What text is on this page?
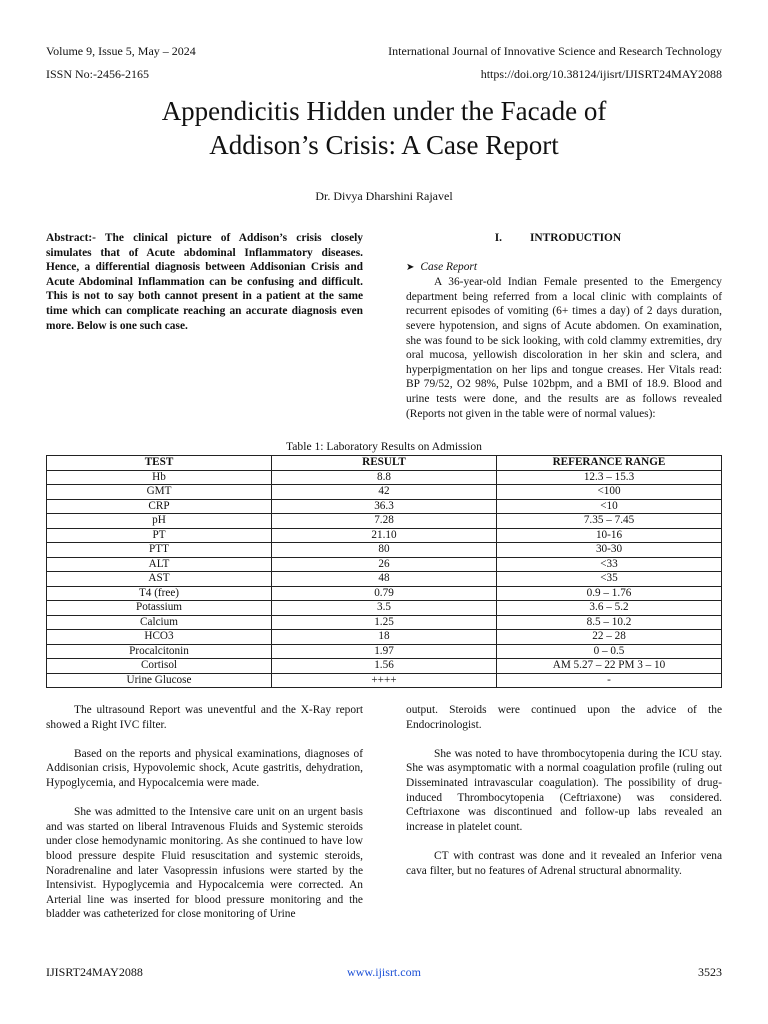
Volume 9, Issue 5, May – 2024	International Journal of Innovative Science and Research Technology
ISSN No:-2456-2165	https://doi.org/10.38124/ijisrt/IJISRT24MAY2088
Appendicitis Hidden under the Facade of
Addison’s Crisis: A Case Report
Dr. Divya Dharshini Rajavel

Abstract:- The clinical picture of Addison’s crisis closely simulates that of Acute abdominal Inflammatory diseases. Hence, a differential diagnosis between Addisonian Crisis and Acute Abdominal Inflammation can be confusing and difficult. This is not to say both cannot present in a patient at the same time which can complicate reaching an accurate diagnosis even more. Below is one such case.

I.	INTRODUCTION
➤ Case Report

A 36-year-old Indian Female presented to the Emergency department being referred from a local clinic with complaints of recurrent episodes of vomiting (6+ times a day) of 2 days duration, severe hypotension, and signs of Acute abdomen. On examination, she was found to be sick looking, with cold clammy extremities, dry oral mucosa, yellowish discoloration in her skin and sclera, and hyperpigmentation on her lips and tongue creases. Her Vitals read: BP 79/52, O2 98%, Pulse 102bpm, and a BMI of 18.9. Blood and urine tests were done, and the results are as follows revealed (Reports not given in the table were of normal values):

Table 1: Laboratory Results on Admission
TEST	RESULT	REFERANCE RANGE
Hb	8.8	12.3 – 15.3
GMT	42	<100
CRP	36.3	<10
pH	7.28	7.35 – 7.45
PT	21.10	10-16
PTT	80	30-30
ALT	26	<33
AST	48	<35
T4 (free)	0.79	0.9 – 1.76
Potassium	3.5	3.6 – 5.2
Calcium	1.25	8.5 – 10.2
HCO3	18	22 – 28
Procalcitonin	1.97	0 – 0.5
Cortisol	1.56	AM 5.27 – 22 PM 3 – 10
Urine Glucose	++++	-

The ultrasound Report was uneventful and the X-Ray report showed a Right IVC filter.

Based on the reports and physical examinations, diagnoses of Addisonian crisis, Hypovolemic shock, Acute gastritis, dehydration, Hypoglycemia, and Hypocalcemia were made.

She was admitted to the Intensive care unit on an urgent basis and was started on liberal Intravenous Fluids and Systemic steroids under close hemodynamic monitoring. As she continued to have low blood pressure despite Fluid resuscitation and systemic steroids, Noradrenaline and later Vasopressin infusions were started by the Intensivist. Hypoglycemia and Hypocalcemia were corrected. An Arterial line was inserted for blood pressure monitoring and the bladder was catheterized for close monitoring of Urine

output. Steroids were continued upon the advice of the Endocrinologist.

She was noted to have thrombocytopenia during the ICU stay. She was asymptomatic with a normal coagulation profile (ruling out Disseminated intravascular coagulation). The possibility of drug-induced Thrombocytopenia (Ceftriaxone) was considered. Ceftriaxone was discontinued and follow-up labs revealed an increase in platelet count.

CT with contrast was done and it revealed an Inferior vena cava filter, but no features of Adrenal structural abnormality.

IJISRT24MAY2088	www.ijisrt.com	3523
